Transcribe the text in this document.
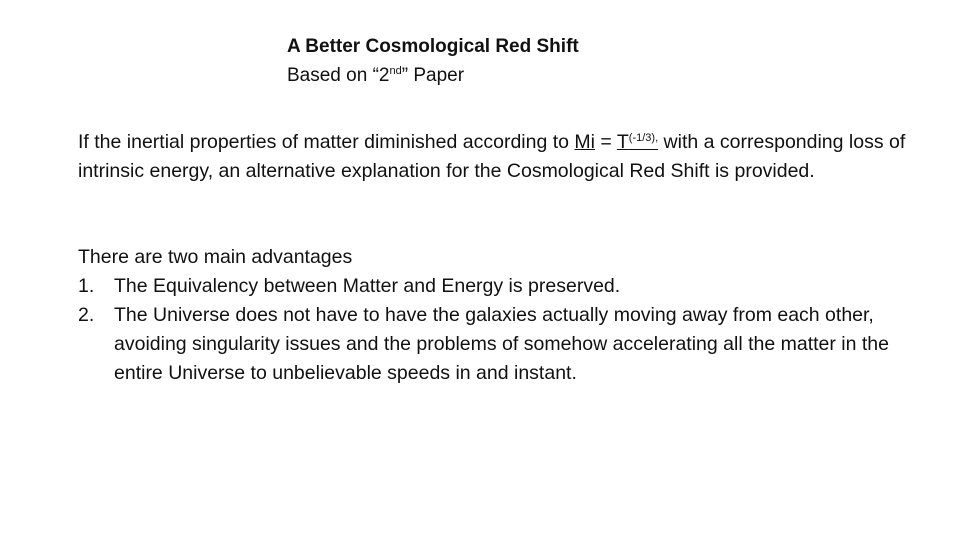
A Better Cosmological Red Shift
Based on “2nd” Paper
If the inertial properties of matter diminished according to $Mi = T^{(-1/3),}$ with a corresponding loss of intrinsic energy, an alternative explanation for the Cosmological Red Shift is provided.
There are two main advantages
1. The Equivalency between Matter and Energy is preserved.
2. The Universe does not have to have the galaxies actually moving away from each other, avoiding singularity issues and the problems of somehow accelerating all the matter in the entire Universe to unbelievable speeds in and instant.
